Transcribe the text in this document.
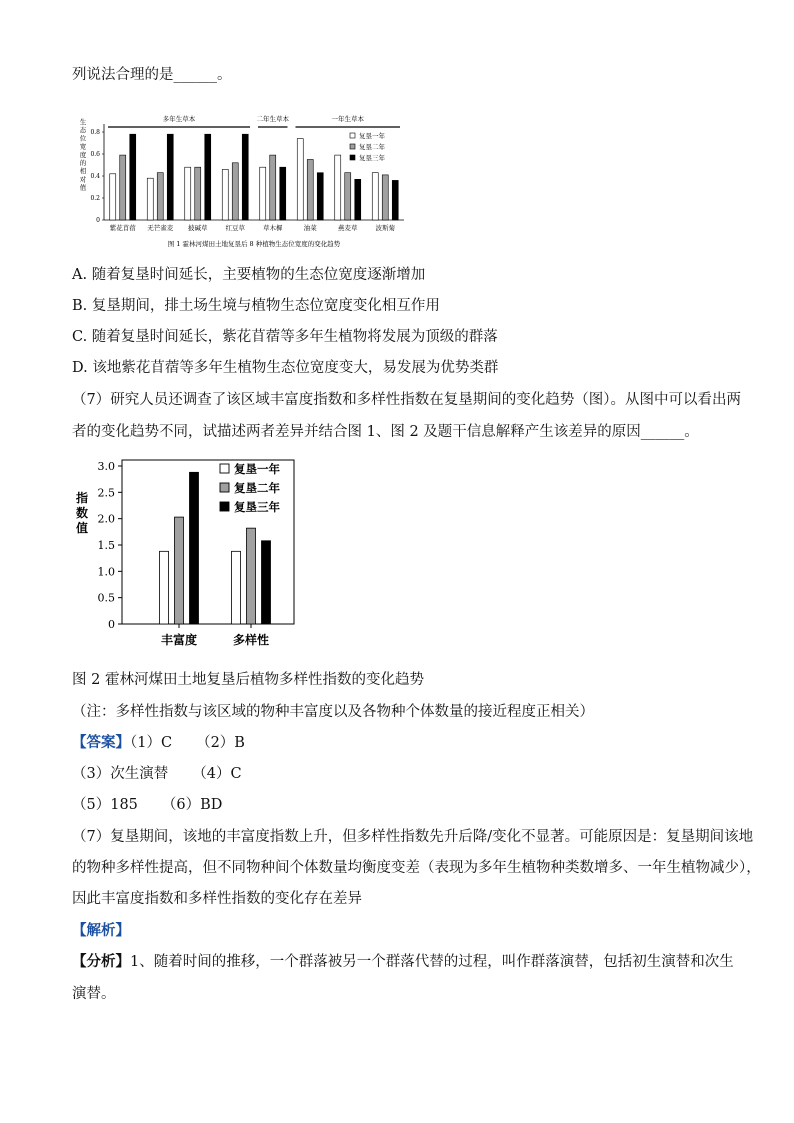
列说法合理的是______。
0
0.2
0.4
0.6
0.8
生态位宽度的相对值
多年生草本	二年生草本	一年生草本
紫花苜蓿 无芒雀麦 披碱草	红豆草	草木樨	油菜	燕麦草	波斯菊
复垦一年
复垦二年
复垦三年
图 1 霍林河煤田土地复垦后 8 种植物生态位宽度的变化趋势
A. 随着复垦时间延长，主要植物的生态位宽度逐渐增加
B. 复垦期间，排土场生境与植物生态位宽度变化相互作用
C. 随着复垦时间延长，紫花苜蓿等多年生植物将发展为顶级的群落
D. 该地紫花苜蓿等多年生植物生态位宽度变大，易发展为优势类群
（7）研究人员还调查了该区域丰富度指数和多样性指数在复垦期间的变化趋势（图）。从图中可以看出两
者的变化趋势不同，试描述两者差异并结合图 1、图 2 及题干信息解释产生该差异的原因______。
0
0.5
1.0
1.5
2.0
2.5
3.0
指数值
丰富度	多样性
复垦一年
复垦二年
复垦三年
图 2 霍林河煤田土地复垦后植物多样性指数的变化趋势
（注：多样性指数与该区域的物种丰富度以及各物种个体数量的接近程度正相关）
【答案】（1）C （2）B
（3）次生演替 （4）C
（5）185 （6）BD
（7）复垦期间，该地的丰富度指数上升，但多样性指数先升后降/变化不显著。可能原因是：复垦期间该地
的物种多样性提高，但不同物种间个体数量均衡度变差（表现为多年生植物种类数增多、一年生植物减少），
因此丰富度指数和多样性指数的变化存在差异
【解析】
【分析】1、随着时间的推移，一个群落被另一个群落代替的过程，叫作群落演替，包括初生演替和次生
演替。
